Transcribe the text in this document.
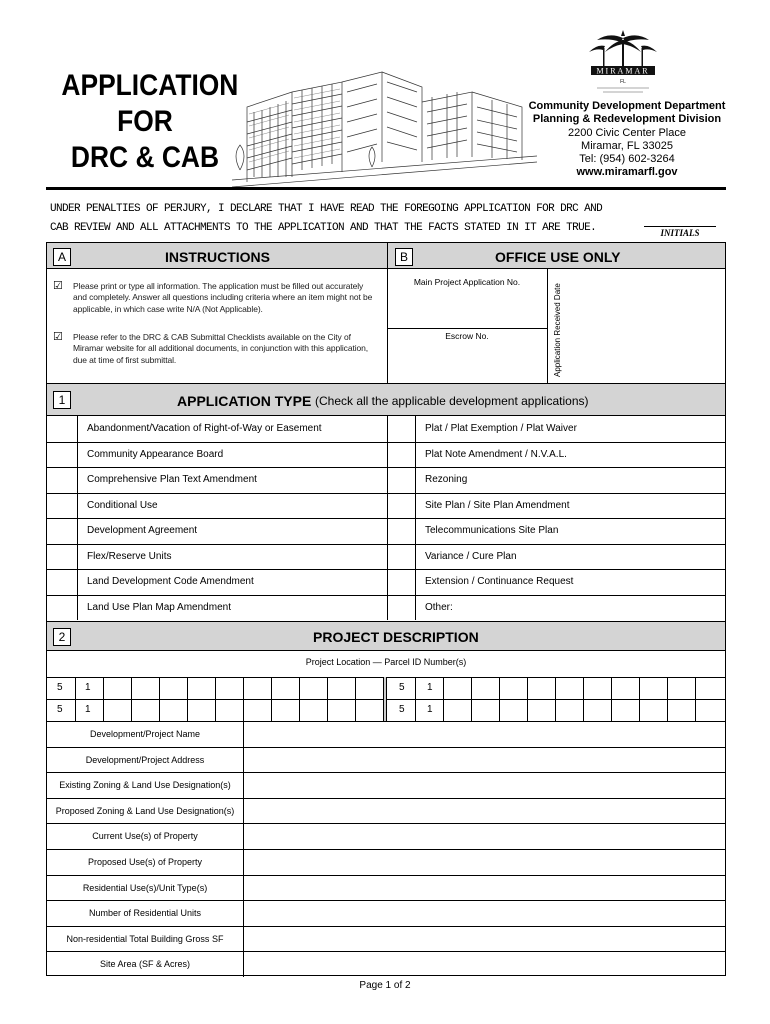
APPLICATION
FOR
DRC & CAB
MIRAMAR
FL
Community Development Department
Planning & Redevelopment Division
2200 Civic Center Place
Miramar, FL 33025
Tel: (954) 602-3264
www.miramarfl.gov
UNDER PENALTIES OF PERJURY, I DECLARE THAT I HAVE READ THE FOREGOING APPLICATION FOR DRC AND
CAB REVIEW AND ALL ATTACHMENTS TO THE APPLICATION AND THAT THE FACTS STATED IN IT ARE TRUE.	INITIALS
A	INSTRUCTIONS	B	OFFICE USE ONLY
☑ Please print or type all information. The application must be filled out accurately and completely. Answer all questions including criteria where an item might not be applicable, in which case write N/A (Not Applicable).
☑ Please refer to the DRC & CAB Submittal Checklists available on the City of Miramar website for all additional documents, in conjunction with this application, due at time of first submittal.
Main Project Application No.
Escrow No.	Application Received Date
1	APPLICATION TYPE (Check all the applicable development applications)
Abandonment/Vacation of Right-of-Way or Easement	Plat / Plat Exemption / Plat Waiver
Community Appearance Board	Plat Note Amendment / N.V.A.L.
Comprehensive Plan Text Amendment	Rezoning
Conditional Use	Site Plan / Site Plan Amendment
Development Agreement	Telecommunications Site Plan
Flex/Reserve Units	Variance / Cure Plan
Land Development Code Amendment	Extension / Continuance Request
Land Use Plan Map Amendment	Other:
2	PROJECT DESCRIPTION
Project Location — Parcel ID Number(s)
5 1	5 1
5 1	5 1
Development/Project Name
Development/Project Address
Existing Zoning & Land Use Designation(s)
Proposed Zoning & Land Use Designation(s)
Current Use(s) of Property
Proposed Use(s) of Property
Residential Use(s)/Unit Type(s)
Number of Residential Units
Non-residential Total Building Gross SF
Site Area (SF & Acres)
Page 1 of 2
